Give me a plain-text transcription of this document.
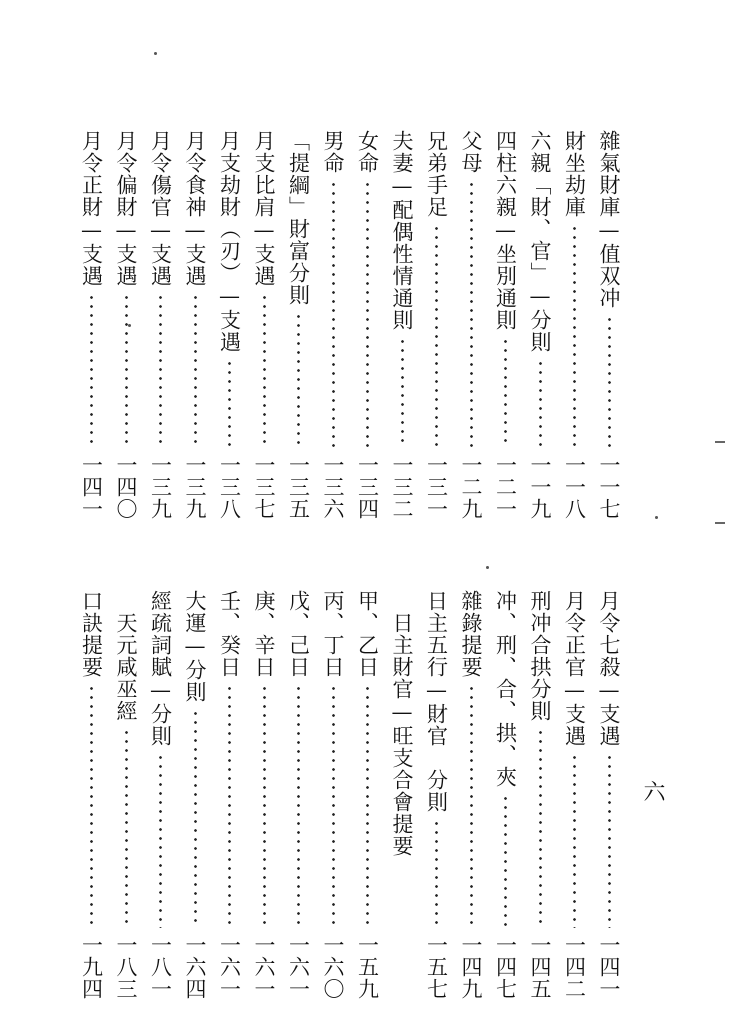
雜氣財庫—值双冲
一一七
財坐劫庫
一一八
六親「財、官」—分則
一一九
四柱六親—坐別通則
一二一
父母
一二九
兄弟手足
一三一
夫妻—配偶性情通則
一三二
女命
一三四
男命
一三六
「提綱」財富分則
一三五
月支比肩—支遇
一三七
月支劫財（刃）—支遇
一三八
月令食神—支遇
一三九
月令傷官—支遇
一三九
月令偏財—支遇
一四〇
月令正財—支遇
一四一
月令七殺—支遇
一四一
月令正官—支遇
一四二
刑冲合拱分則
一四五
冲、刑、合、拱、夾
一四七
雜錄提要
一四九
日主五行—財官　分則
一五七
日主財官—旺支合會提要
甲、乙日
一五九
丙、丁日
一六〇
戊、己日
一六一
庚、辛日
一六一
壬、癸日
一六一
大運—分則
一六四
經疏詞賦—分則
一八一
天元咸巫經
一八三
口訣提要
一九四
六
